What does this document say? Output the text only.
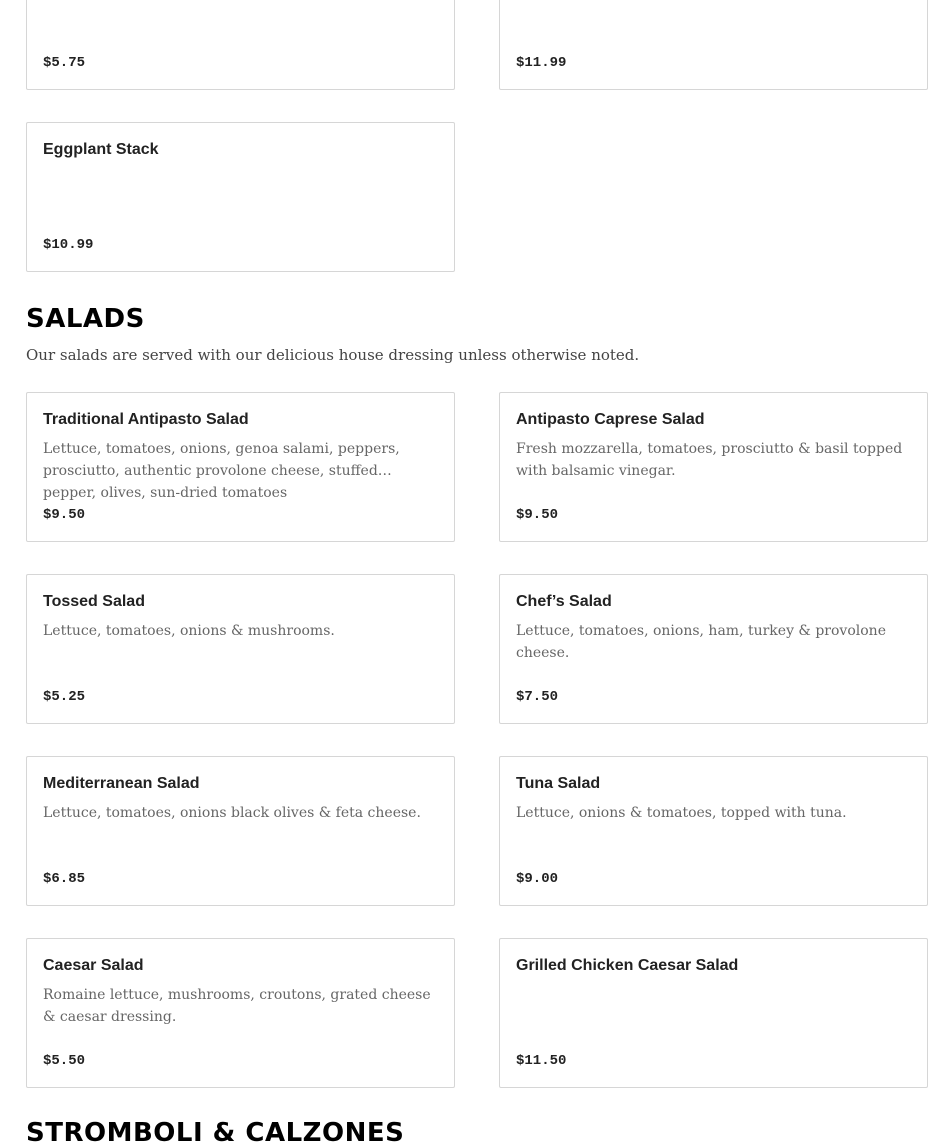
$5.75	$11.99
Eggplant Stack
$10.99
SALADS

Our salads are served with our delicious house dressing unless otherwise noted.

Traditional Antipasto Salad
Lettuce, tomatoes, onions, genoa salami, peppers, prosciutto, authentic provolone cheese, stuffed pepper, olives, sun-dried tomatoes
$9.50
Antipasto Caprese Salad
Fresh mozzarella, tomatoes, prosciutto & basil topped with balsamic vinegar.
$9.50
Tossed Salad
Lettuce, tomatoes, onions & mushrooms.
$5.25
Chef’s Salad
Lettuce, tomatoes, onions, ham, turkey & provolone cheese.
$7.50
Mediterranean Salad
Lettuce, tomatoes, onions black olives & feta cheese.
$6.85
Tuna Salad
Lettuce, onions & tomatoes, topped with tuna.
$9.00
Caesar Salad
Romaine lettuce, mushrooms, croutons, grated cheese & caesar dressing.
$5.50
Grilled Chicken Caesar Salad
$11.50
STROMBOLI & CALZONES
